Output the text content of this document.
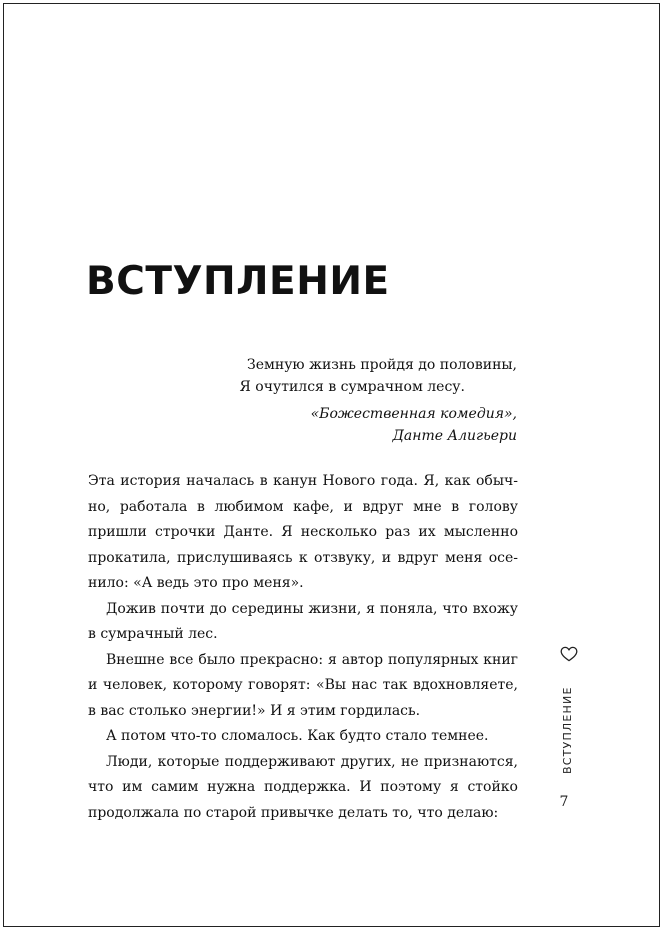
ВСТУПЛЕНИЕ
Земную жизнь пройдя до половины,
Я очутился в сумрачном лесу.
«Божественная комедия»,
Данте Алигьери

Эта история началась в канун Нового года. Я, как обычно, работала в любимом кафе, и вдруг мне в голову пришли строчки Данте. Я несколько раз их мысленно прокатила, прислушиваясь к отзвуку, и вдруг меня осенило: «А ведь это про меня».

Дожив почти до середины жизни, я поняла, что вхожу в сумрачный лес.

Внешне все было прекрасно: я автор популярных книг и человек, которому говорят: «Вы нас так вдохновляете, в вас столько энергии!» И я этим гордилась.

А потом что-то сломалось. Как будто стало темнее.

Люди, которые поддерживают других, не признаются, что им самим нужна поддержка. И поэтому я стойко продолжала по старой привычке делать то, что делаю:

ВСТУПЛЕНИЕ
7
